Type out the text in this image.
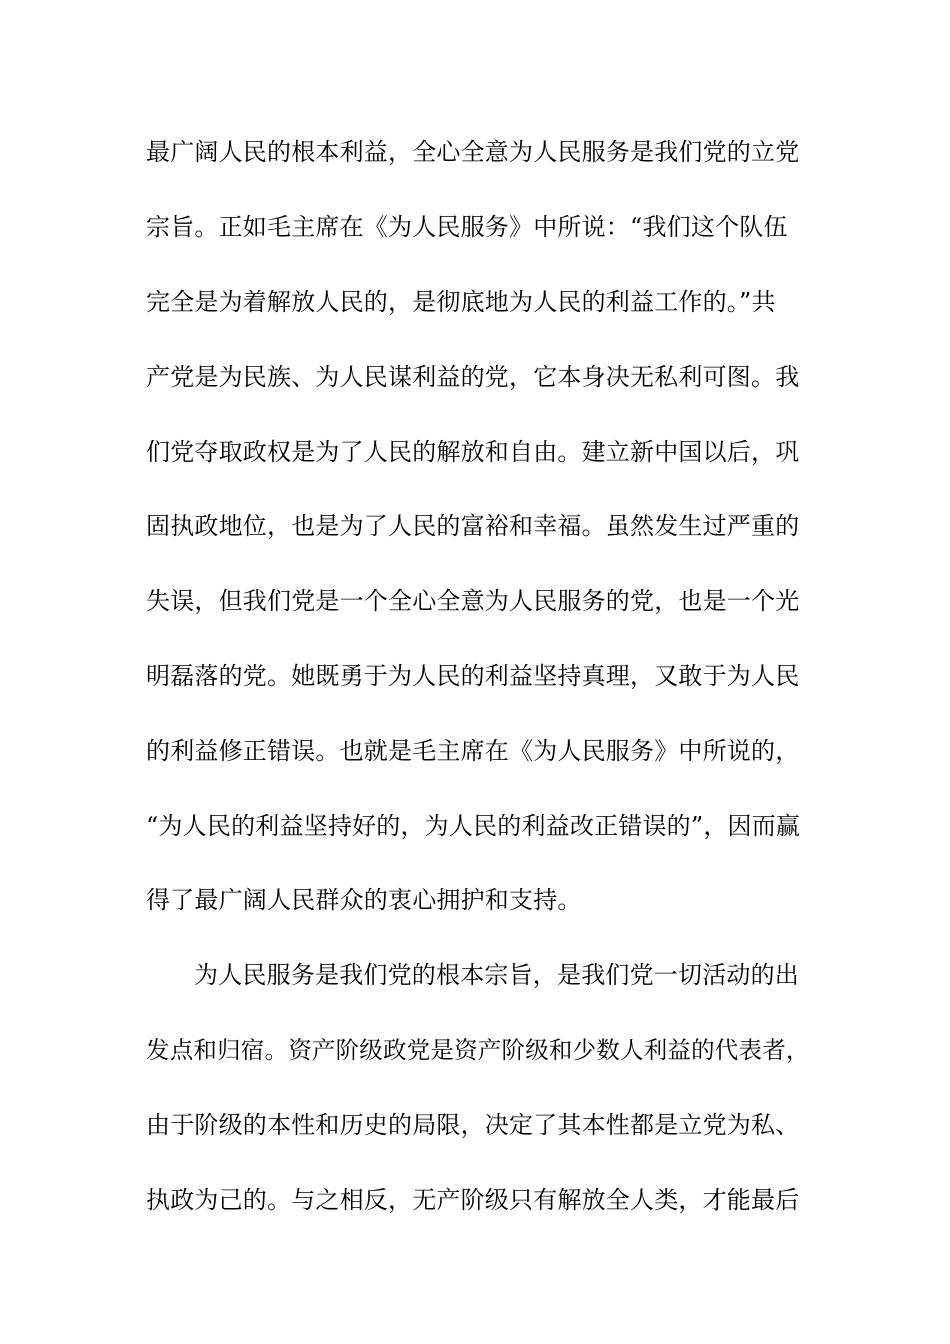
最广阔人民的根本利益，全心全意为人民服务是我们党的立党
宗旨。正如毛主席在《为人民服务》中所说：“我们这个队伍
完全是为着解放人民的，是彻底地为人民的利益工作的。”共
产党是为民族、为人民谋利益的党，它本身决无私利可图。我
们党夺取政权是为了人民的解放和自由。建立新中国以后，巩
固执政地位，也是为了人民的富裕和幸福。虽然发生过严重的
失误，但我们党是一个全心全意为人民服务的党，也是一个光
明磊落的党。她既勇于为人民的利益坚持真理，又敢于为人民
的利益修正错误。也就是毛主席在《为人民服务》中所说的，
“为人民的利益坚持好的，为人民的利益改正错误的”，因而赢
得了最广阔人民群众的衷心拥护和支持。
为人民服务是我们党的根本宗旨，是我们党一切活动的出
发点和归宿。资产阶级政党是资产阶级和少数人利益的代表者，
由于阶级的本性和历史的局限，决定了其本性都是立党为私、
执政为己的。与之相反，无产阶级只有解放全人类，才能最后
